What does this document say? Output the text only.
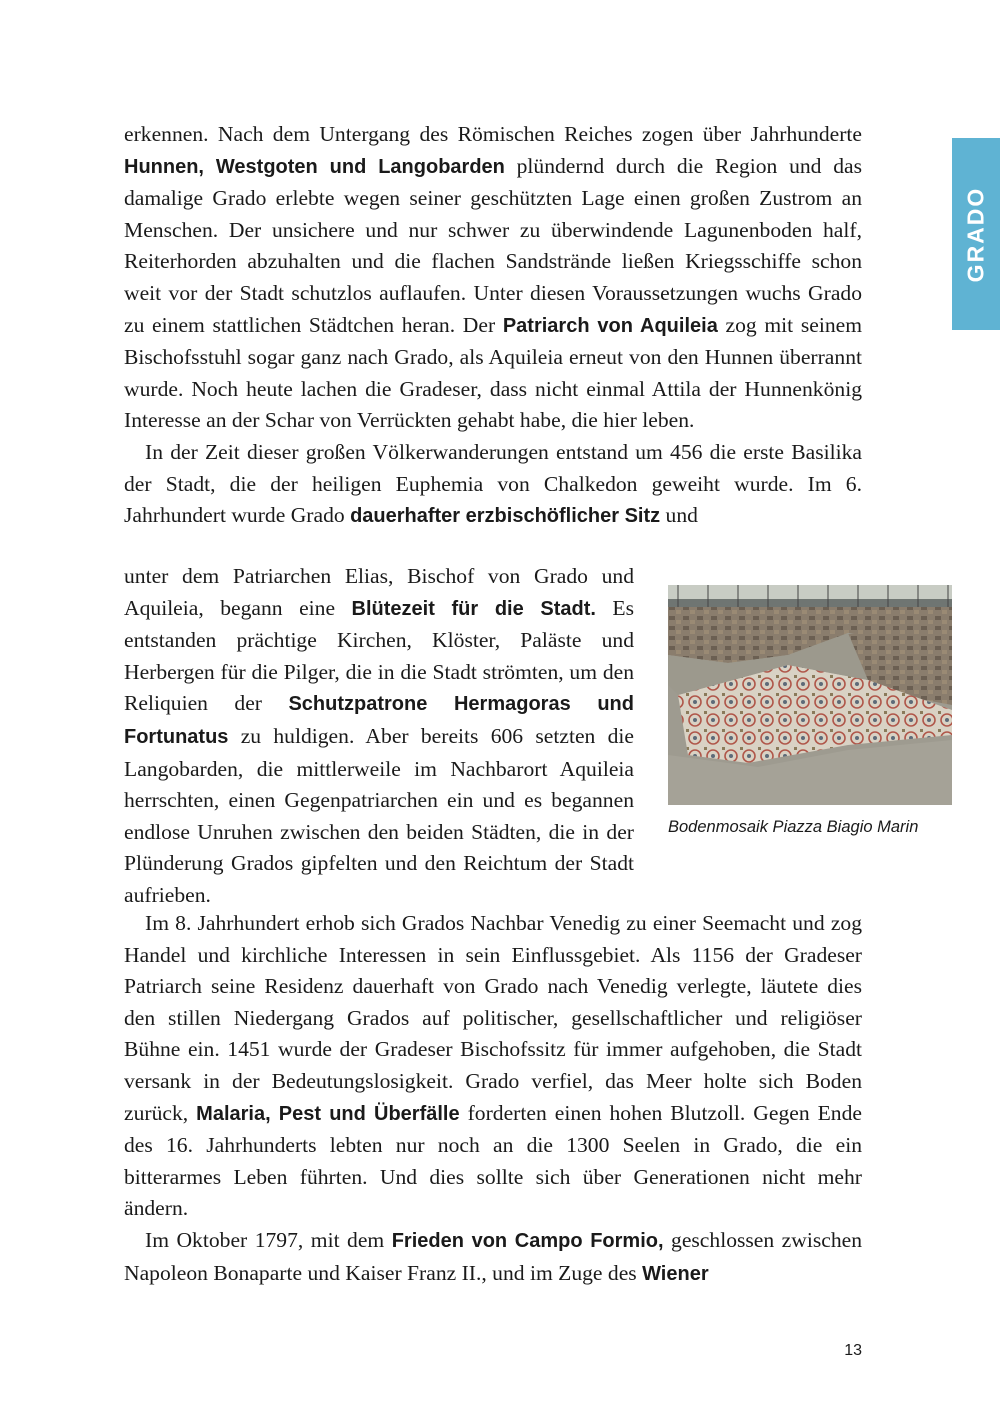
GRADO

erkennen. Nach dem Untergang des Römischen Reiches zogen über Jahrhunderte Hunnen, Westgoten und Langobarden plündernd durch die Region und das damalige Grado erlebte wegen seiner geschützten Lage einen großen Zustrom an Menschen. Der unsichere und nur schwer zu überwindende Lagunenboden half, Reiterhorden abzuhalten und die flachen Sandstrände ließen Kriegsschiffe schon weit vor der Stadt schutzlos auflaufen. Unter diesen Voraussetzungen wuchs Grado zu einem stattlichen Städtchen heran. Der Patriarch von Aquileia zog mit seinem Bischofsstuhl sogar ganz nach Grado, als Aquileia erneut von den Hunnen überrannt wurde. Noch heute lachen die Gradeser, dass nicht einmal Attila der Hunnenkönig Interesse an der Schar von Verrückten gehabt habe, die hier leben.

In der Zeit dieser großen Völkerwanderungen entstand um 456 die erste Basilika der Stadt, die der heiligen Euphemia von Chalkedon geweiht wurde. Im 6. Jahrhundert wurde Grado dauerhafter erzbischöflicher Sitz und

unter dem Patriarchen Elias, Bischof von Grado und Aquileia, begann eine Blütezeit für die Stadt. Es entstanden prächtige Kirchen, Klöster, Paläste und Herbergen für die Pilger, die in die Stadt strömten, um den Reliquien der Schutzpatrone Hermagoras und Fortunatus zu huldigen. Aber bereits 606 setzten die Langobarden, die mittlerweile im Nachbarort Aquileia herrschten, einen Gegenpatriarchen ein und es begannen endlose Unruhen zwischen den beiden Städten, die in der Plünderung Grados gipfelten und den Reichtum der Stadt aufrieben.

Bodenmosaik Piazza Biagio Marin

Im 8. Jahrhundert erhob sich Grados Nachbar Venedig zu einer Seemacht und zog Handel und kirchliche Interessen in sein Einflussgebiet. Als 1156 der Gradeser Patriarch seine Residenz dauerhaft von Grado nach Venedig verlegte, läutete dies den stillen Niedergang Grados auf politischer, gesellschaftlicher und religiöser Bühne ein. 1451 wurde der Gradeser Bischofssitz für immer aufgehoben, die Stadt versank in der Bedeutungslosigkeit. Grado verfiel, das Meer holte sich Boden zurück, Malaria, Pest und Überfälle forderten einen hohen Blutzoll. Gegen Ende des 16. Jahrhunderts lebten nur noch an die 1300 Seelen in Grado, die ein bitterarmes Leben führten. Und dies sollte sich über Generationen nicht mehr ändern.

Im Oktober 1797, mit dem Frieden von Campo Formio, geschlossen zwischen Napoleon Bonaparte und Kaiser Franz II., und im Zuge des Wiener

13
